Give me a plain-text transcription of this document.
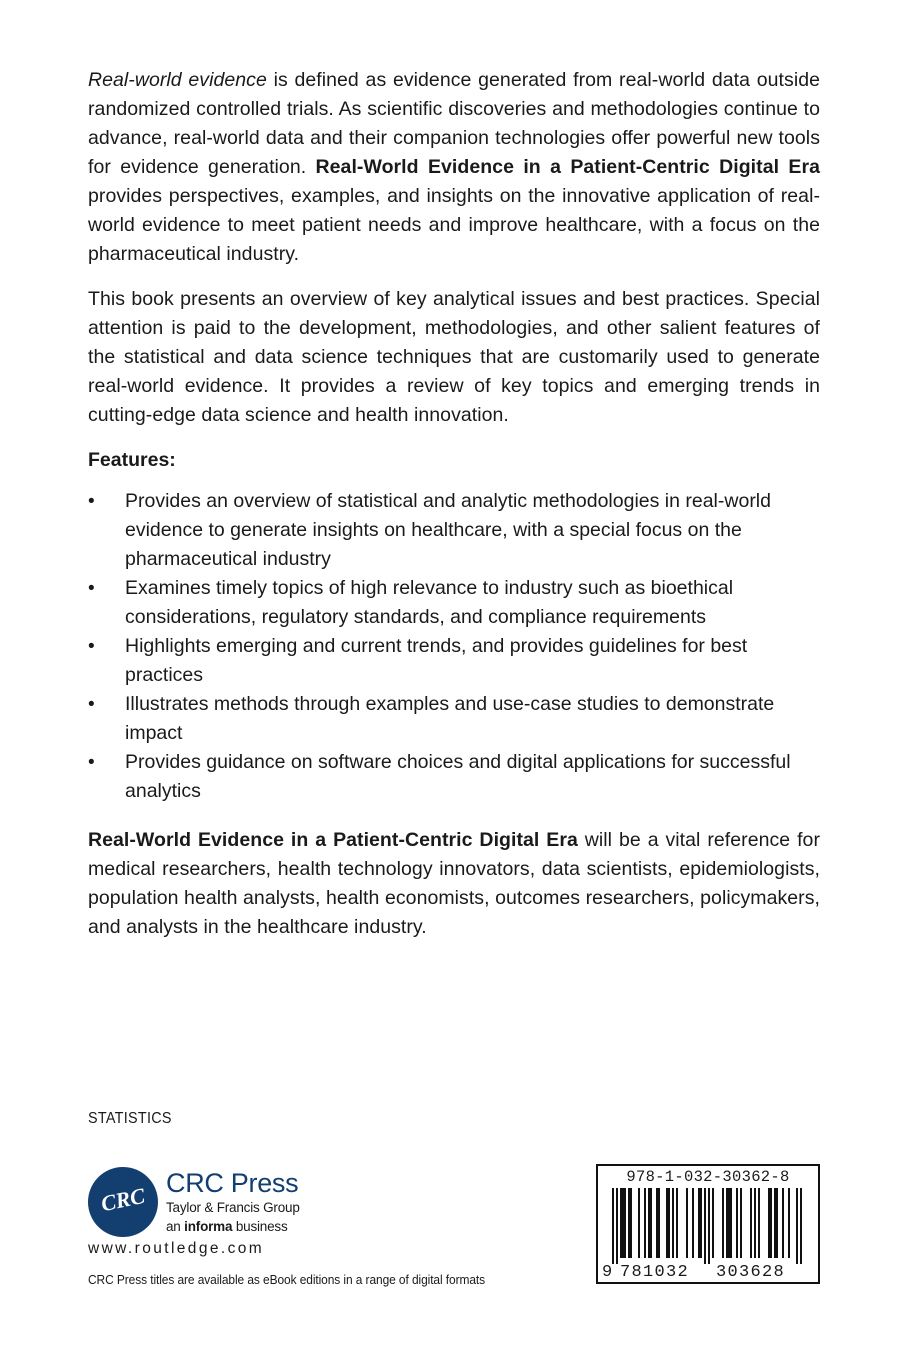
Real-world evidence is defined as evidence generated from real-world data outside randomized controlled trials. As scientific discoveries and methodologies continue to advance, real-world data and their companion technologies offer powerful new tools for evidence generation. Real-World Evidence in a Patient-Centric Digital Era provides perspectives, examples, and insights on the innovative application of real-world evidence to meet patient needs and improve healthcare, with a focus on the pharmaceutical industry.

This book presents an overview of key analytical issues and best practices. Special attention is paid to the development, methodologies, and other salient features of the statistical and data science techniques that are customarily used to generate real-world evidence. It provides a review of key topics and emerging trends in cutting-edge data science and health innovation.

Features:
• Provides an overview of statistical and analytic methodologies in real-world evidence to generate insights on healthcare, with a special focus on the pharmaceutical industry
• Examines timely topics of high relevance to industry such as bioethical considerations, regulatory standards, and compliance requirements
• Highlights emerging and current trends, and provides guidelines for best practices
• Illustrates methods through examples and use-case studies to demonstrate impact
• Provides guidance on software choices and digital applications for successful analytics

Real-World Evidence in a Patient-Centric Digital Era will be a vital reference for medical researchers, health technology innovators, data scientists, epidemiologists, population health analysts, health economists, outcomes researchers, policymakers, and analysts in the healthcare industry.

STATISTICS
CRC CRC Press
Taylor & Francis Group
an informa business
www.routledge.com
CRC Press titles are available as eBook editions in a range of digital formats
978-1-032-30362-8
9 781032 303628
